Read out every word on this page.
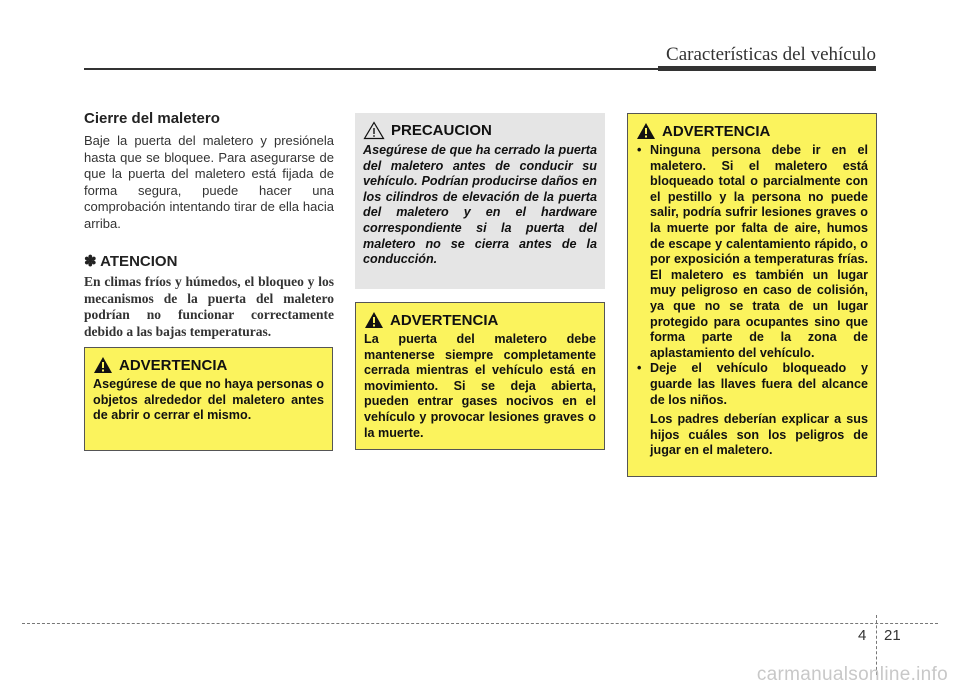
Características del vehículo
Cierre del maletero
Baje la puerta del maletero y presiónela hasta que se bloquee. Para asegurarse de que la puerta del maletero está fijada de forma segura, puede hacer una comprobación intentando tirar de ella hacia arriba.
✽ ATENCION
En climas fríos y húmedos, el bloqueo y los mecanismos de la puerta del maletero podrían no funcionar correctamente debido a las bajas temperaturas.
ADVERTENCIA
Asegúrese de que no haya personas o objetos alrededor del maletero antes de abrir o cerrar el mismo.
PRECAUCION
Asegúrese de que ha cerrado la puerta del maletero antes de conducir su vehículo. Podrían producirse daños en los cilindros de elevación de la puerta del maletero y en el hardware correspondiente si la puerta del maletero no se cierra antes de la conducción.
ADVERTENCIA
La puerta del maletero debe mantenerse siempre completamente cerrada mientras el vehículo está en movimiento. Si se deja abierta, pueden entrar gases nocivos en el vehículo y provocar lesiones graves o la muerte.
ADVERTENCIA
• Ninguna persona debe ir en el maletero. Si el maletero está bloqueado total o parcialmente con el pestillo y la persona no puede salir, podría sufrir lesiones graves o la muerte por falta de aire, humos de escape y calentamiento rápido, o por exposición a temperaturas frías. El maletero es también un lugar muy peligroso en caso de colisión, ya que no se trata de un lugar protegido para ocupantes sino que forma parte de la zona de aplastamiento del vehículo.
• Deje el vehículo bloqueado y guarde las llaves fuera del alcance de los niños.
Los padres deberían explicar a sus hijos cuáles son los peligros de jugar en el maletero.
4 21
carmanualsonline.info
